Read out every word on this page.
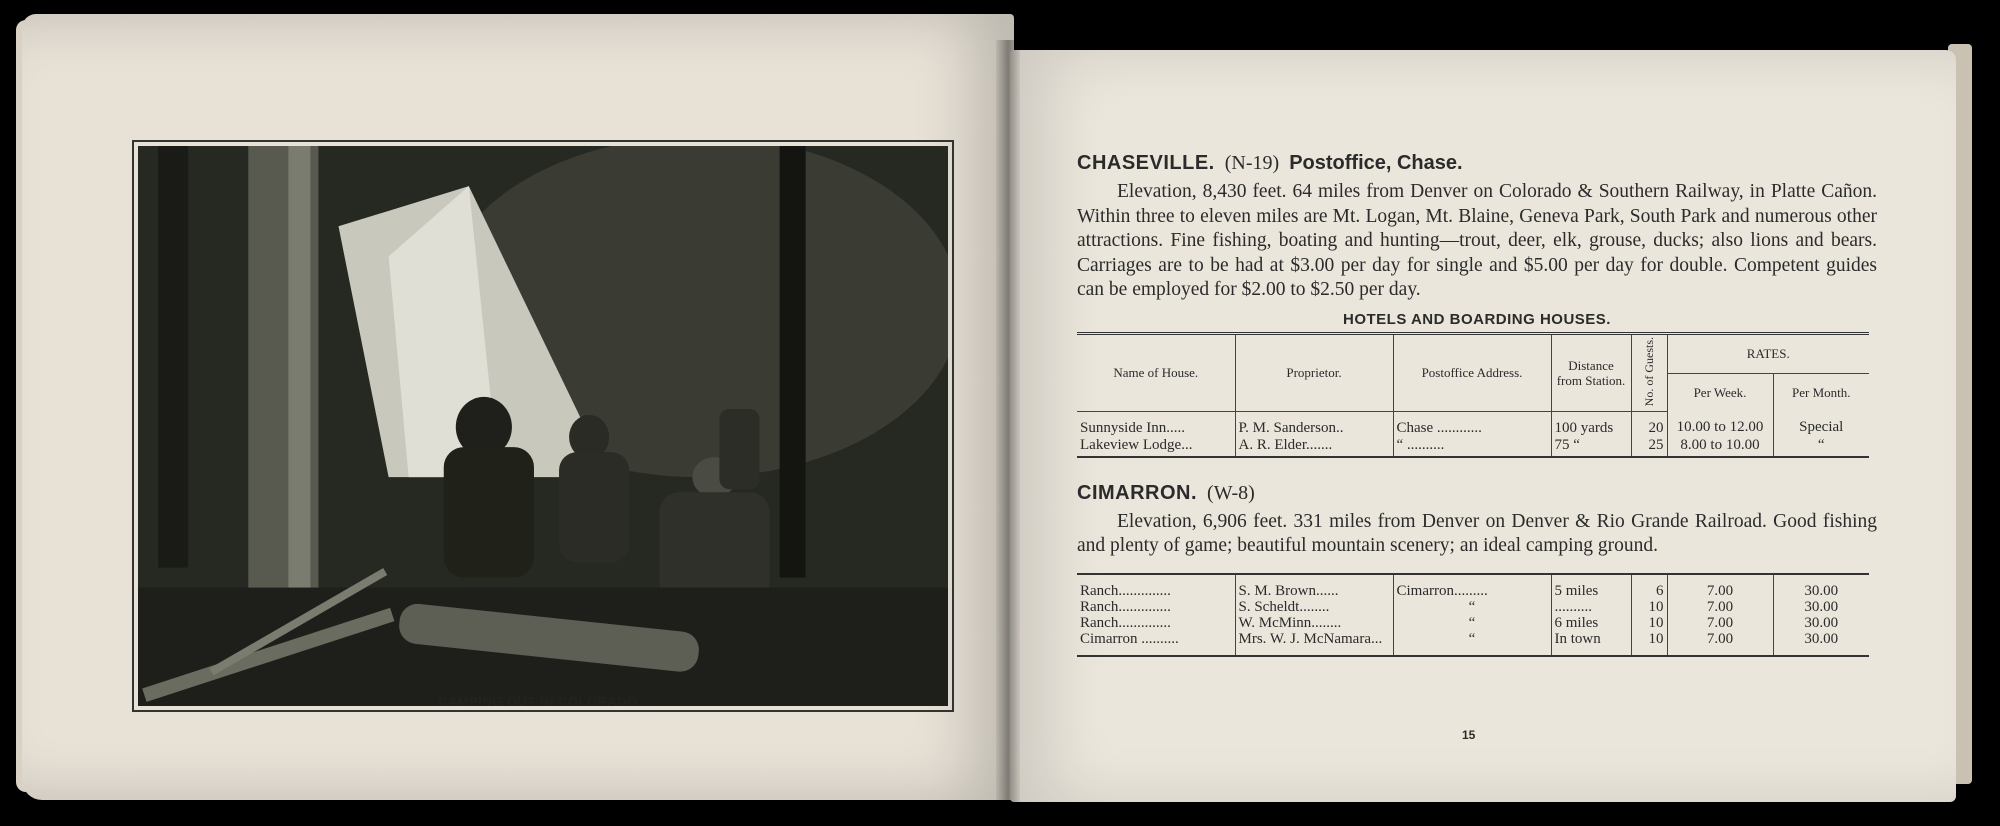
CAMPING OUT IN COLORADO.

CHASEVILLE. (N-19) Postoffice, Chase.

Elevation, 8,430 feet. 64 miles from Denver on Colorado & Southern Railway, in Platte Cañon. Within three to eleven miles are Mt. Logan, Mt. Blaine, Geneva Park, South Park and numerous other attractions. Fine fishing, boating and hunting—trout, deer, elk, grouse, ducks; also lions and bears. Carriages are to be had at $3.00 per day for single and $5.00 per day for double. Competent guides can be employed for $2.00 to $2.50 per day.

HOTELS AND BOARDING HOUSES.
Name of House.	Proprietor.	Postoffice Address.	Distance from Station.	No. of Guests.	RATES.	
					Per Week.	Per Month.
Sunnyside Inn.....	P. M. Sanderson..	Chase ............	100 yards	20	10.00 to 12.00	Special
Lakeview Lodge...	A. R. Elder.......	“ ..........	75 “	25	8.00 to 10.00	“

CIMARRON. (W-8)

Elevation, 6,906 feet. 331 miles from Denver on Denver & Rio Grande Railroad. Good fishing and plenty of game; beautiful mountain scenery; an ideal camping ground.

Ranch..............	S. M. Brown......	Cimarron.........	5 miles	6	7.00	30.00
Ranch..............	S. Scheldt........	“	..........	10	7.00	30.00
Ranch..............	W. McMinn........	“	6 miles	10	7.00	30.00
Cimarron ..........	Mrs. W. J. McNamara...	“	In town	10	7.00	30.00
15
